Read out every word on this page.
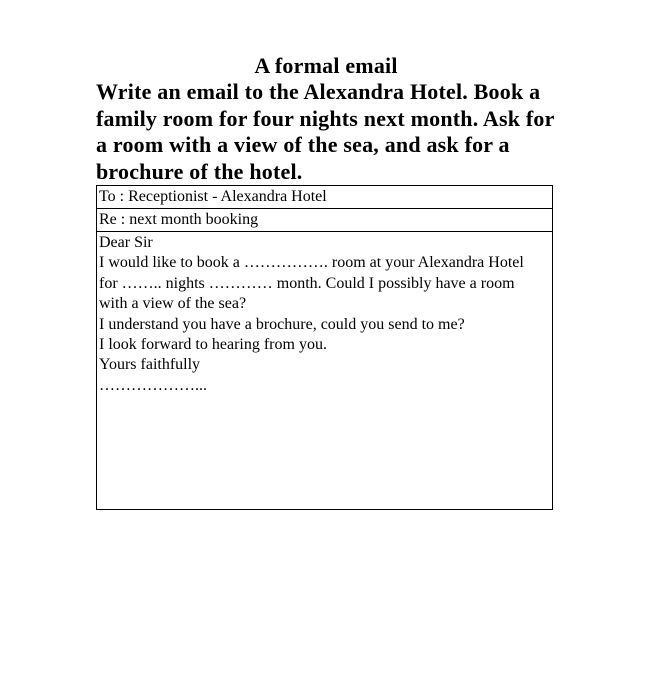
A formal email
Write an email to the Alexandra Hotel. Book a
family room for four nights next month. Ask for
a room with a view of the sea, and ask for a
brochure of the hotel.
To : Receptionist - Alexandra Hotel
Re : next month booking
Dear Sir
I would like to book a ……………. room at your Alexandra Hotel
for …….. nights ………… month. Could I possibly have a room
with a view of the sea?
I understand you have a brochure, could you send to me?
I look forward to hearing from you.
Yours faithfully
………………...
